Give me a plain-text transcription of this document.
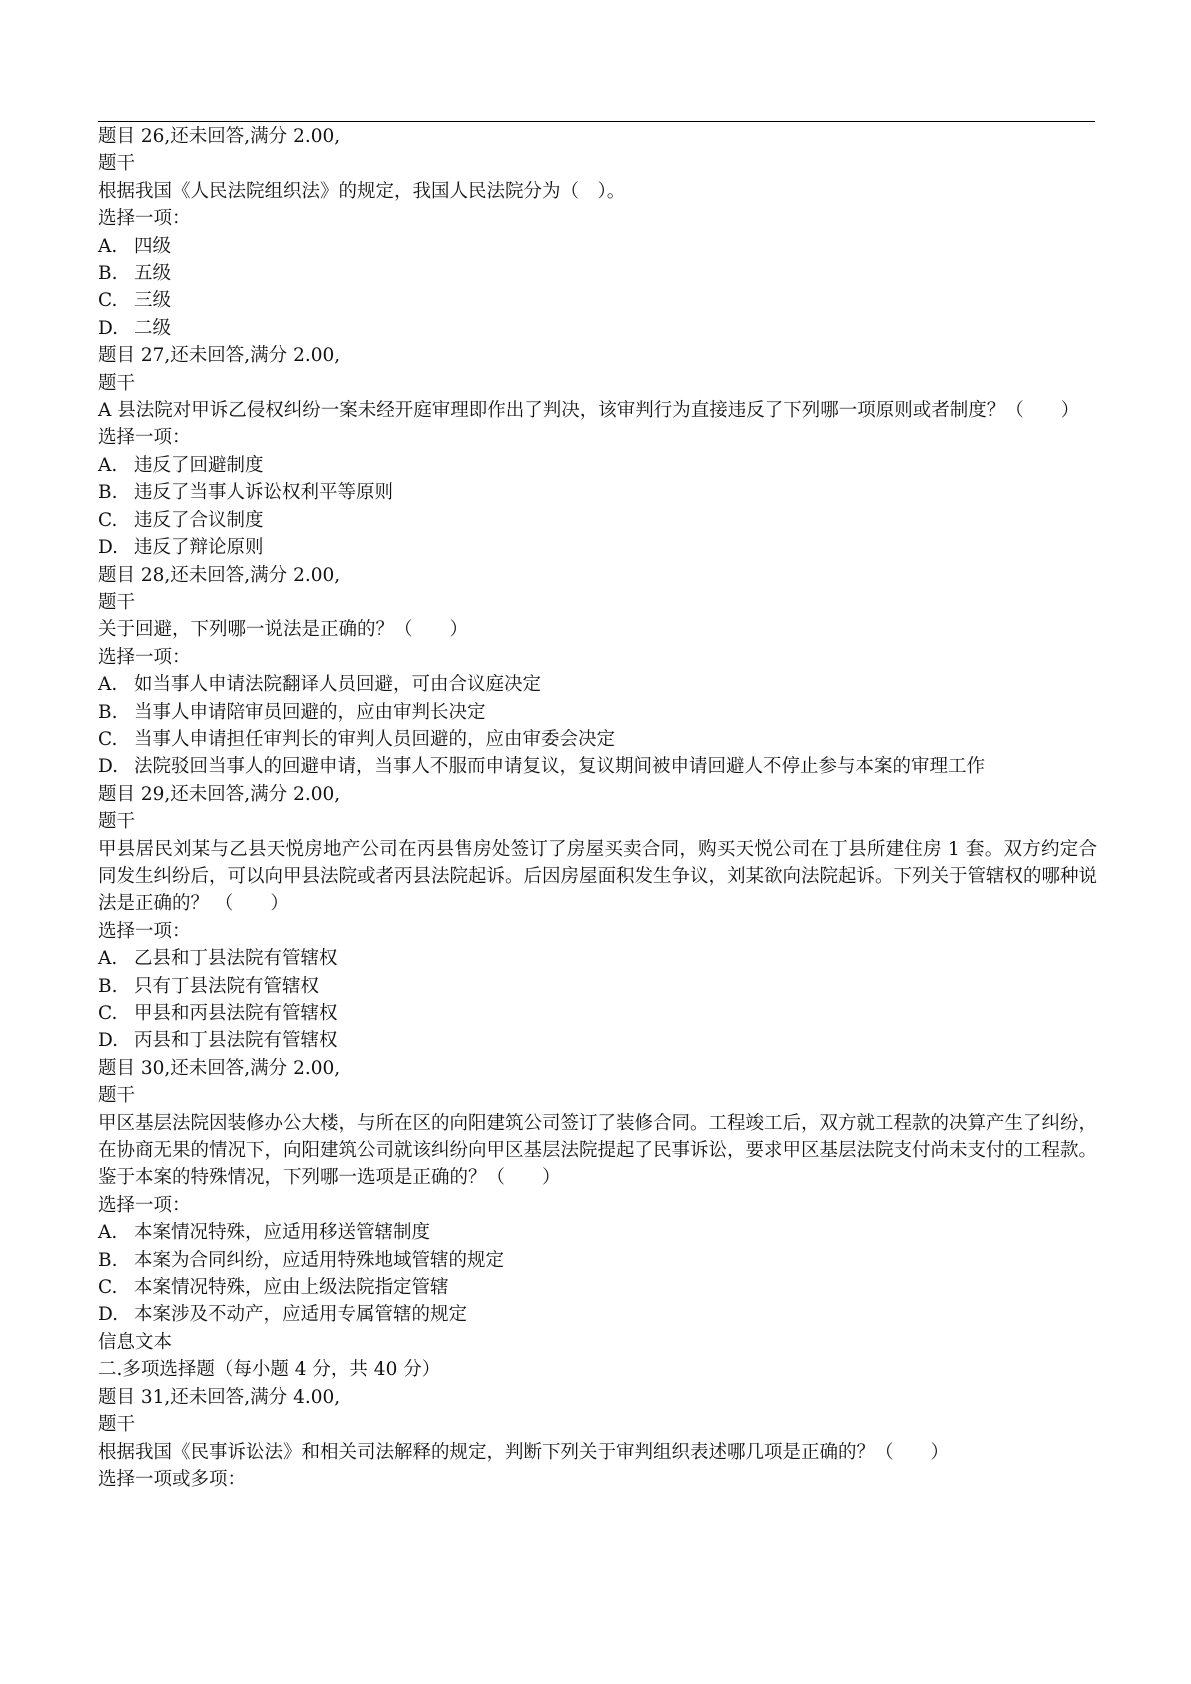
题目 26,还未回答,满分 2.00,
题干
根据我国《人民法院组织法》的规定，我国人民法院分为（　）。
选择一项：
A. 四级
B. 五级
C. 三级
D. 二级
题目 27,还未回答,满分 2.00,
题干
A 县法院对甲诉乙侵权纠纷一案未经开庭审理即作出了判决，该审判行为直接违反了下列哪一项原则或者制度？（　　）
选择一项：
A. 违反了回避制度
B. 违反了当事人诉讼权利平等原则
C. 违反了合议制度
D. 违反了辩论原则
题目 28,还未回答,满分 2.00,
题干
关于回避，下列哪一说法是正确的？（　　）
选择一项：
A. 如当事人申请法院翻译人员回避，可由合议庭决定
B. 当事人申请陪审员回避的，应由审判长决定
C. 当事人申请担任审判长的审判人员回避的，应由审委会决定
D. 法院驳回当事人的回避申请，当事人不服而申请复议，复议期间被申请回避人不停止参与本案的审理工作
题目 29,还未回答,满分 2.00,
题干
甲县居民刘某与乙县天悦房地产公司在丙县售房处签订了房屋买卖合同，购买天悦公司在丁县所建住房 1 套。双方约定合同发生纠纷后，可以向甲县法院或者丙县法院起诉。后因房屋面积发生争议，刘某欲向法院起诉。下列关于管辖权的哪种说法是正确的？ （　　）
选择一项：
A. 乙县和丁县法院有管辖权
B. 只有丁县法院有管辖权
C. 甲县和丙县法院有管辖权
D. 丙县和丁县法院有管辖权
题目 30,还未回答,满分 2.00,
题干
甲区基层法院因装修办公大楼，与所在区的向阳建筑公司签订了装修合同。工程竣工后，双方就工程款的决算产生了纠纷，在协商无果的情况下，向阳建筑公司就该纠纷向甲区基层法院提起了民事诉讼，要求甲区基层法院支付尚未支付的工程款。鉴于本案的特殊情况，下列哪一选项是正确的？（　　）
选择一项：
A. 本案情况特殊，应适用移送管辖制度
B. 本案为合同纠纷，应适用特殊地域管辖的规定
C. 本案情况特殊，应由上级法院指定管辖
D. 本案涉及不动产，应适用专属管辖的规定
信息文本
二.多项选择题（每小题 4 分，共 40 分）
题目 31,还未回答,满分 4.00,
题干
根据我国《民事诉讼法》和相关司法解释的规定，判断下列关于审判组织表述哪几项是正确的？（　　）
选择一项或多项：
